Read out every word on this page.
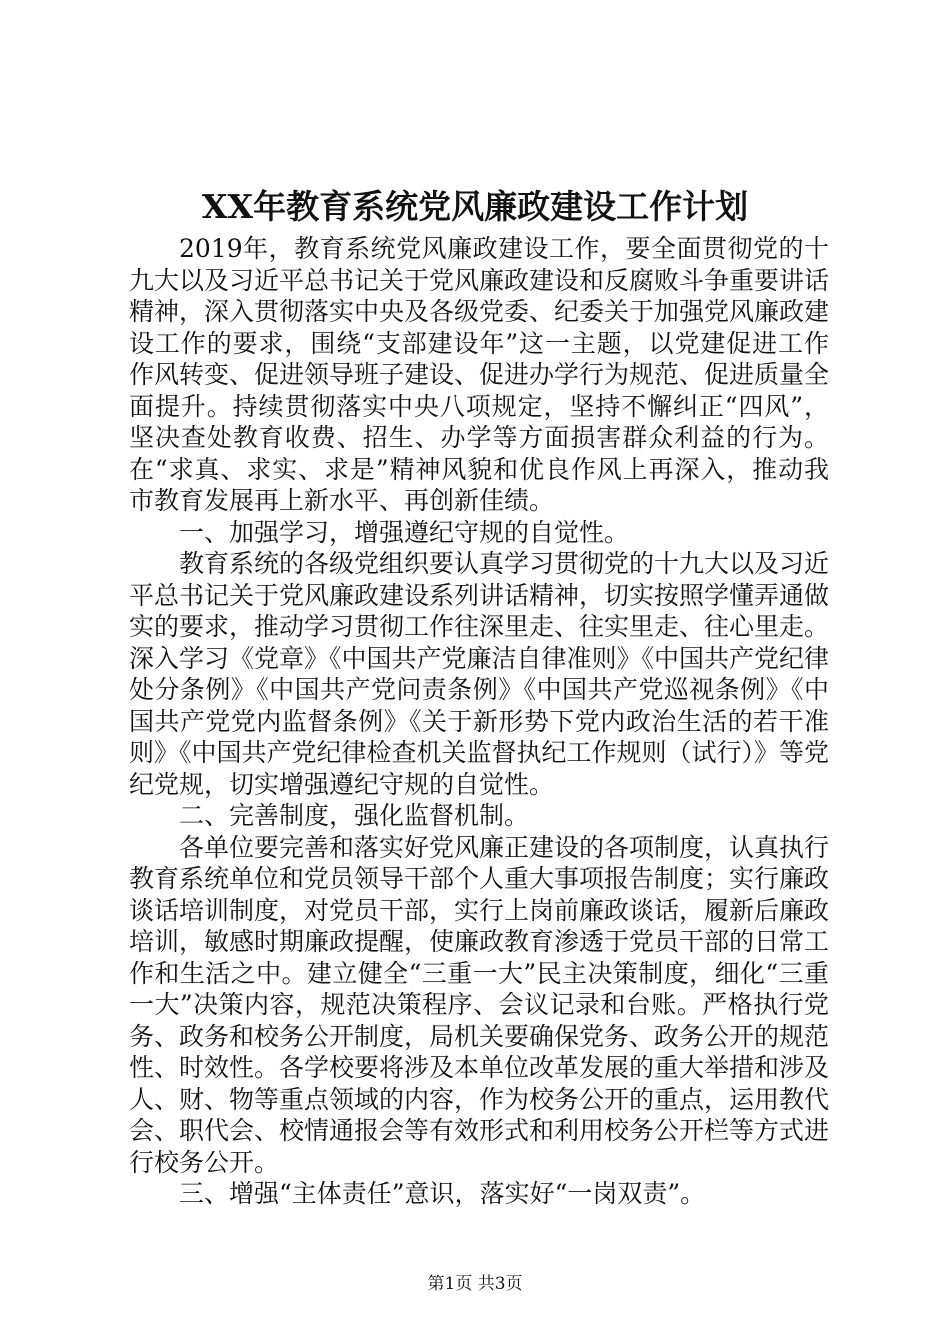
XX年教育系统党风廉政建设工作计划

2019年，教育系统党风廉政建设工作，要全面贯彻党的十九大以及习近平总书记关于党风廉政建设和反腐败斗争重要讲话精神，深入贯彻落实中央及各级党委、纪委关于加强党风廉政建设工作的要求，围绕“支部建设年”这一主题，以党建促进工作作风转变、促进领导班子建设、促进办学行为规范、促进质量全面提升。持续贯彻落实中央八项规定，坚持不懈纠正“四风”，坚决查处教育收费、招生、办学等方面损害群众利益的行为。在“求真、求实、求是”精神风貌和优良作风上再深入，推动我市教育发展再上新水平、再创新佳绩。

一、加强学习，增强遵纪守规的自觉性。

教育系统的各级党组织要认真学习贯彻党的十九大以及习近平总书记关于党风廉政建设系列讲话精神，切实按照学懂弄通做实的要求，推动学习贯彻工作往深里走、往实里走、往心里走。深入学习《党章》《中国共产党廉洁自律准则》《中国共产党纪律处分条例》《中国共产党问责条例》《中国共产党巡视条例》《中国共产党党内监督条例》《关于新形势下党内政治生活的若干准则》《中国共产党纪律检查机关监督执纪工作规则（试行）》等党纪党规，切实增强遵纪守规的自觉性。

二、完善制度，强化监督机制。

各单位要完善和落实好党风廉正建设的各项制度，认真执行教育系统单位和党员领导干部个人重大事项报告制度；实行廉政谈话培训制度，对党员干部，实行上岗前廉政谈话，履新后廉政培训，敏感时期廉政提醒，使廉政教育渗透于党员干部的日常工作和生活之中。建立健全“三重一大”民主决策制度，细化“三重一大”决策内容，规范决策程序、会议记录和台账。严格执行党务、政务和校务公开制度，局机关要确保党务、政务公开的规范性、时效性。各学校要将涉及本单位改革发展的重大举措和涉及人、财、物等重点领域的内容，作为校务公开的重点，运用教代会、职代会、校情通报会等有效形式和利用校务公开栏等方式进行校务公开。

三、增强“主体责任”意识，落实好“一岗双责”。

第1页 共3页
